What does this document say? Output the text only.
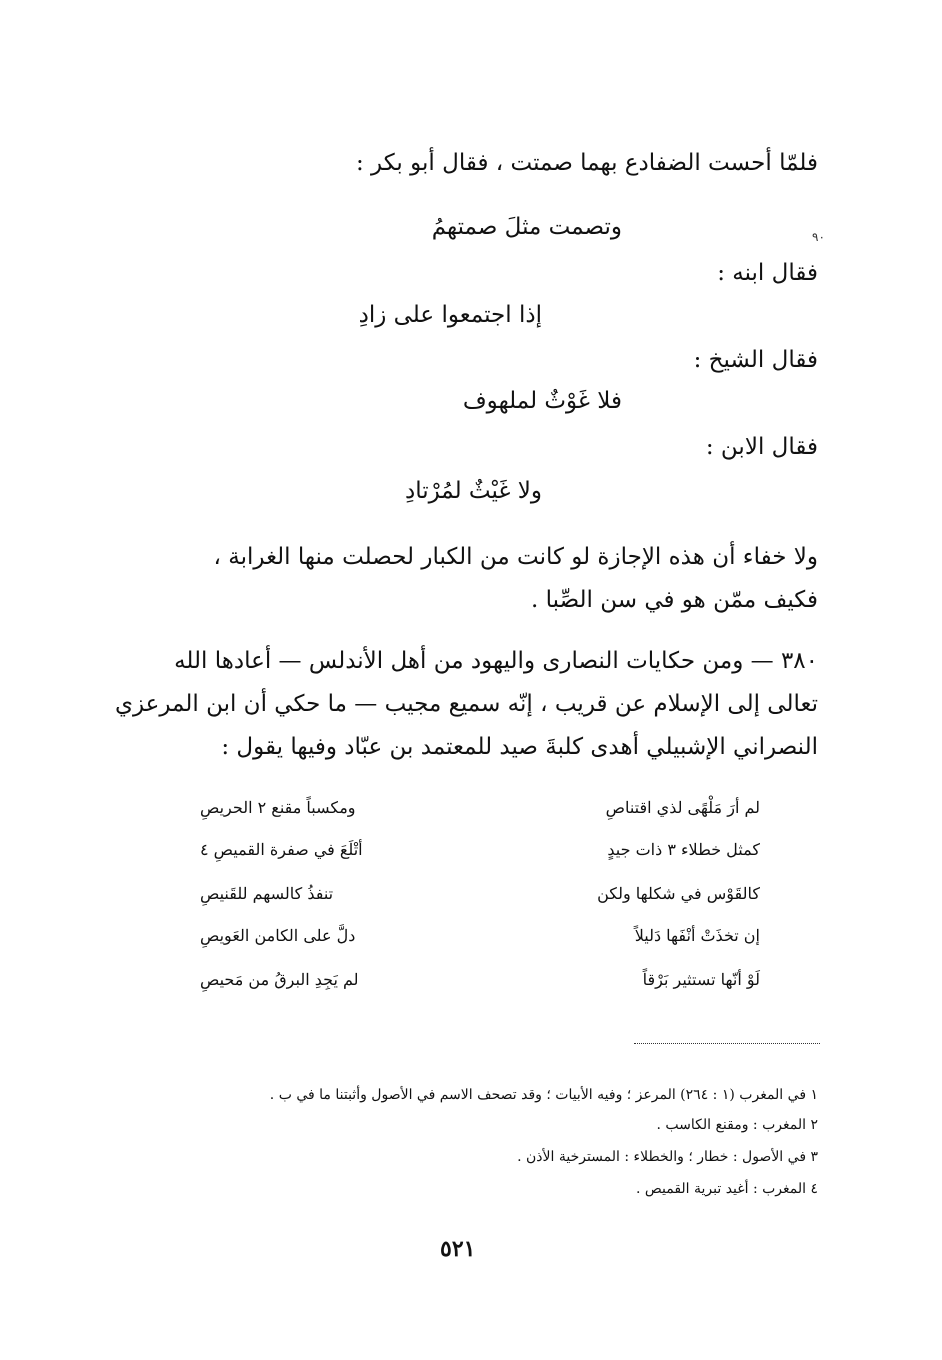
٩٠
فلمّا أحست الضفادع بهما صمتت ، فقال أبو بكر :
وتصمت مثلَ صمتهمُ
فقال ابنه :
إذا اجتمعوا على زادِ
فقال الشيخ :
فلا غَوْثٌ لملهوف
فقال الابن :
ولا غَيْثٌ لمُرْتادِ
ولا خفاء أن هذه الإجازة لو كانت من الكبار لحصلت منها الغرابة ،
فكيف ممّن هو في سن الصِّبا .
٣٨٠ — ومن حكايات النصارى واليهود من أهل الأندلس — أعادها الله
تعالى إلى الإسلام عن قريب ، إنّه سميع مجيب — ما حكي أن ابن المرعزي
النصراني الإشبيلي أهدى كلبةَ صيد للمعتمد بن عبّاد وفيها يقول :
لم أرَ مَلْهًى لذي اقتناصِ
ومكسباً مقنع ٢ الحريصِ
كمثل خطلاء ٣ ذات جيدٍ
أتْلَعَ في صفرة القميصِ ٤
كالقَوْس في شكلها ولكن
تنفذُ كالسهم للقَنيصِ
إن تخذَتْ أنْفَها دَليلاً
دلَّ على الكامن العَويصِ
لَوْ أنّها تستثير بَرْقاً
لم يَجِدِ البرقُ من مَحيصِ
١ في المغرب (١ : ٢٦٤) المرعز ؛ وفيه الأبيات ؛ وقد تصحف الاسم في الأصول وأثبتنا ما في ب .
٢ المغرب : ومقنع الكاسب .
٣ في الأصول : خطار ؛ والخطلاء : المسترخية الأذن .
٤ المغرب : أغيد تبرية القميص .
٥٢١
